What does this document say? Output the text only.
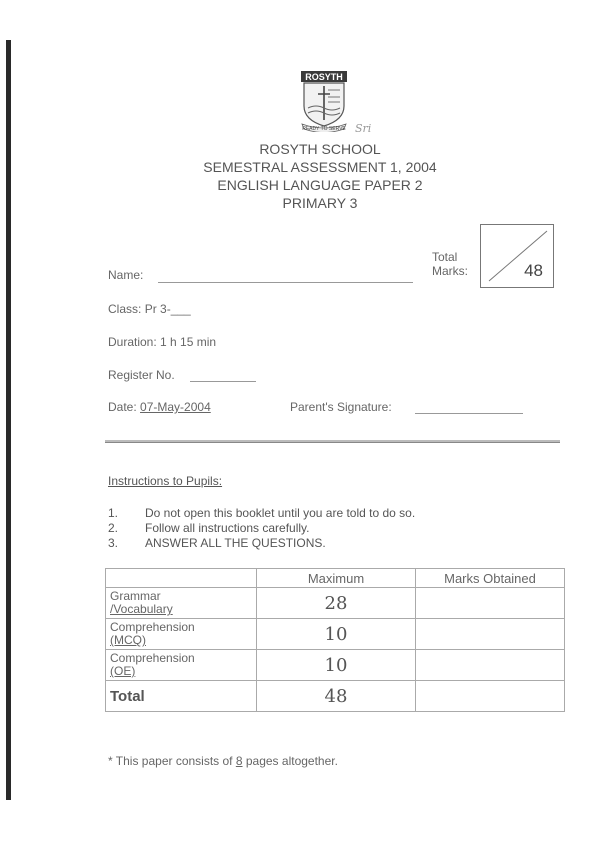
ROSYTH
READY TO SERVE Sri
ROSYTH SCHOOL
SEMESTRAL ASSESSMENT 1, 2004
ENGLISH LANGUAGE PAPER 2
PRIMARY 3
Total
Marks:	48
Name:
Class: Pr 3-___
Duration: 1 h 15 min
Register No.
Date: 07-May-2004	Parent's Signature:
Instructions to Pupils:
1. Do not open this booklet until you are told to do so.
2. Follow all instructions carefully.
3. ANSWER ALL THE QUESTIONS.
	Maximum	Marks Obtained

Grammar
/Vocabulary	28	

Comprehension
(MCQ)	10	

Comprehension
(OE)	10	
Total	48	
* This paper consists of 8 pages altogether.
